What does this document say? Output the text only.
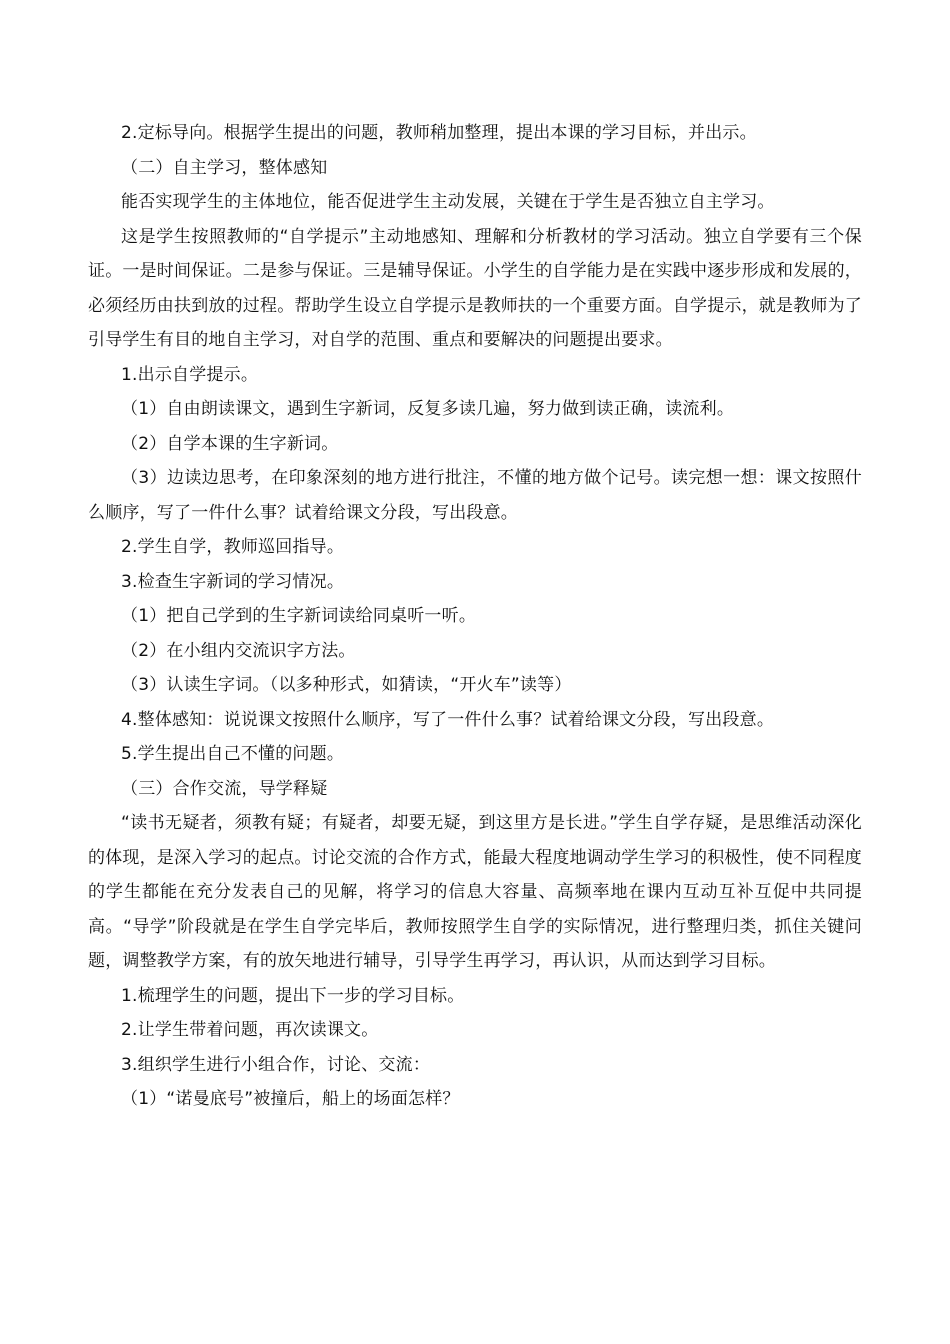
2.定标导向。根据学生提出的问题，教师稍加整理，提出本课的学习目标，并出示。

（二）自主学习，整体感知

能否实现学生的主体地位，能否促进学生主动发展，关键在于学生是否独立自主学习。

这是学生按照教师的“自学提示”主动地感知、理解和分析教材的学习活动。独立自学要有三个保证。一是时间保证。二是参与保证。三是辅导保证。小学生的自学能力是在实践中逐步形成和发展的，必须经历由扶到放的过程。帮助学生设立自学提示是教师扶的一个重要方面。自学提示，就是教师为了引导学生有目的地自主学习，对自学的范围、重点和要解决的问题提出要求。

1.出示自学提示。

（1）自由朗读课文，遇到生字新词，反复多读几遍，努力做到读正确，读流利。

（2）自学本课的生字新词。

（3）边读边思考，在印象深刻的地方进行批注，不懂的地方做个记号。读完想一想：课文按照什么顺序，写了一件什么事？试着给课文分段，写出段意。

2.学生自学，教师巡回指导。

3.检查生字新词的学习情况。

（1）把自己学到的生字新词读给同桌听一听。

（2）在小组内交流识字方法。

（3）认读生字词。（以多种形式，如猜读，“开火车”读等）

4.整体感知：说说课文按照什么顺序，写了一件什么事？试着给课文分段，写出段意。

5.学生提出自己不懂的问题。

（三）合作交流，导学释疑

“读书无疑者，须教有疑；有疑者，却要无疑，到这里方是长进。”学生自学存疑，是思维活动深化的体现，是深入学习的起点。讨论交流的合作方式，能最大程度地调动学生学习的积极性，使不同程度的学生都能在充分发表自己的见解，将学习的信息大容量、高频率地在课内互动互补互促中共同提高。“导学”阶段就是在学生自学完毕后，教师按照学生自学的实际情况，进行整理归类，抓住关键问题，调整教学方案，有的放矢地进行辅导，引导学生再学习，再认识，从而达到学习目标。

1.梳理学生的问题，提出下一步的学习目标。

2.让学生带着问题，再次读课文。

3.组织学生进行小组合作，讨论、交流：

（1）“诺曼底号”被撞后，船上的场面怎样？
